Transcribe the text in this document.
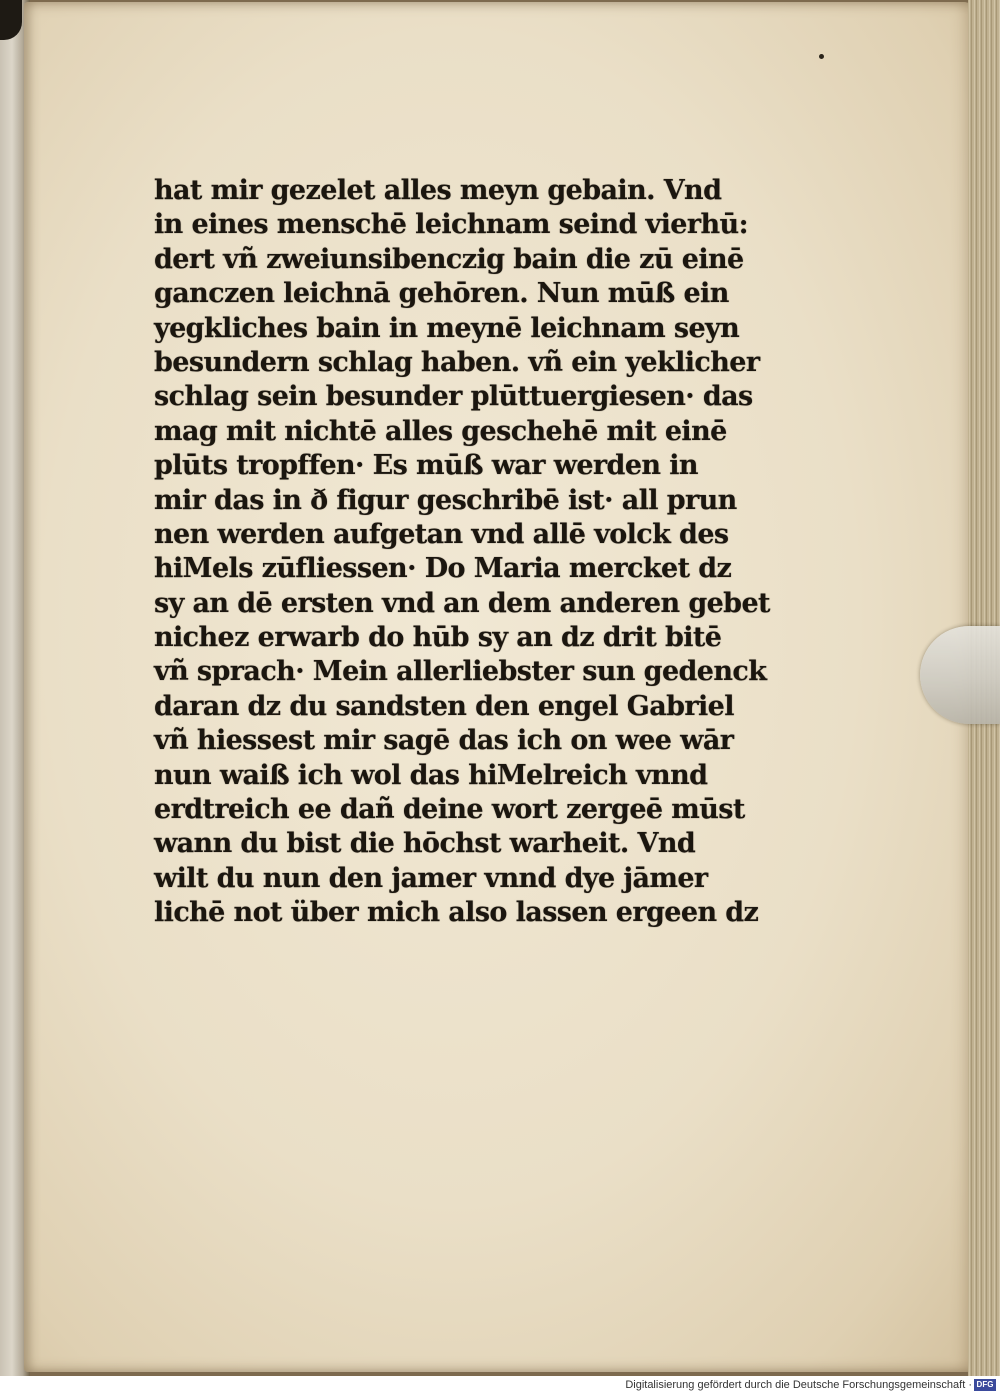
hat mir gezelet alles meyn gebain. Vnd
in eines menschē leichnam seind vierhū:
dert vñ zweiunsibenczig bain die zū einē
ganczen leichnā gehōren. Nun mūß ein
yegkliches bain in meynē leichnam seyn
besundern schlag haben. vñ ein yeklicher
schlag sein besunder plūttuergiesen· das
mag mit nichtē alles geschehē mit einē
plūts tropffen· Es mūß war werden in
mir das in ð figur geschribē ist· all prun
nen werden aufgetan vnd allē volck des
hiMels zūfliessen· Do Maria mercket dz
sy an dē ersten vnd an dem anderen gebet
nichez erwarb do hūb sy an dz drit bitē
vñ sprach· Mein allerliebster sun gedenck
daran dz du sandsten den engel Gabriel
vñ hiessest mir sagē das ich on wee wār
nun waiß ich wol das hiMelreich vnnd
erdtreich ee dañ deine wort zergeē mūst
wann du bist die hōchst warheit. Vnd
wilt du nun den jamer vnnd dye jāmer
lichē not über mich also lassen ergeen dz
Digitalisierung gefördert durch die Deutsche Forschungsgemeinschaft · DFG
